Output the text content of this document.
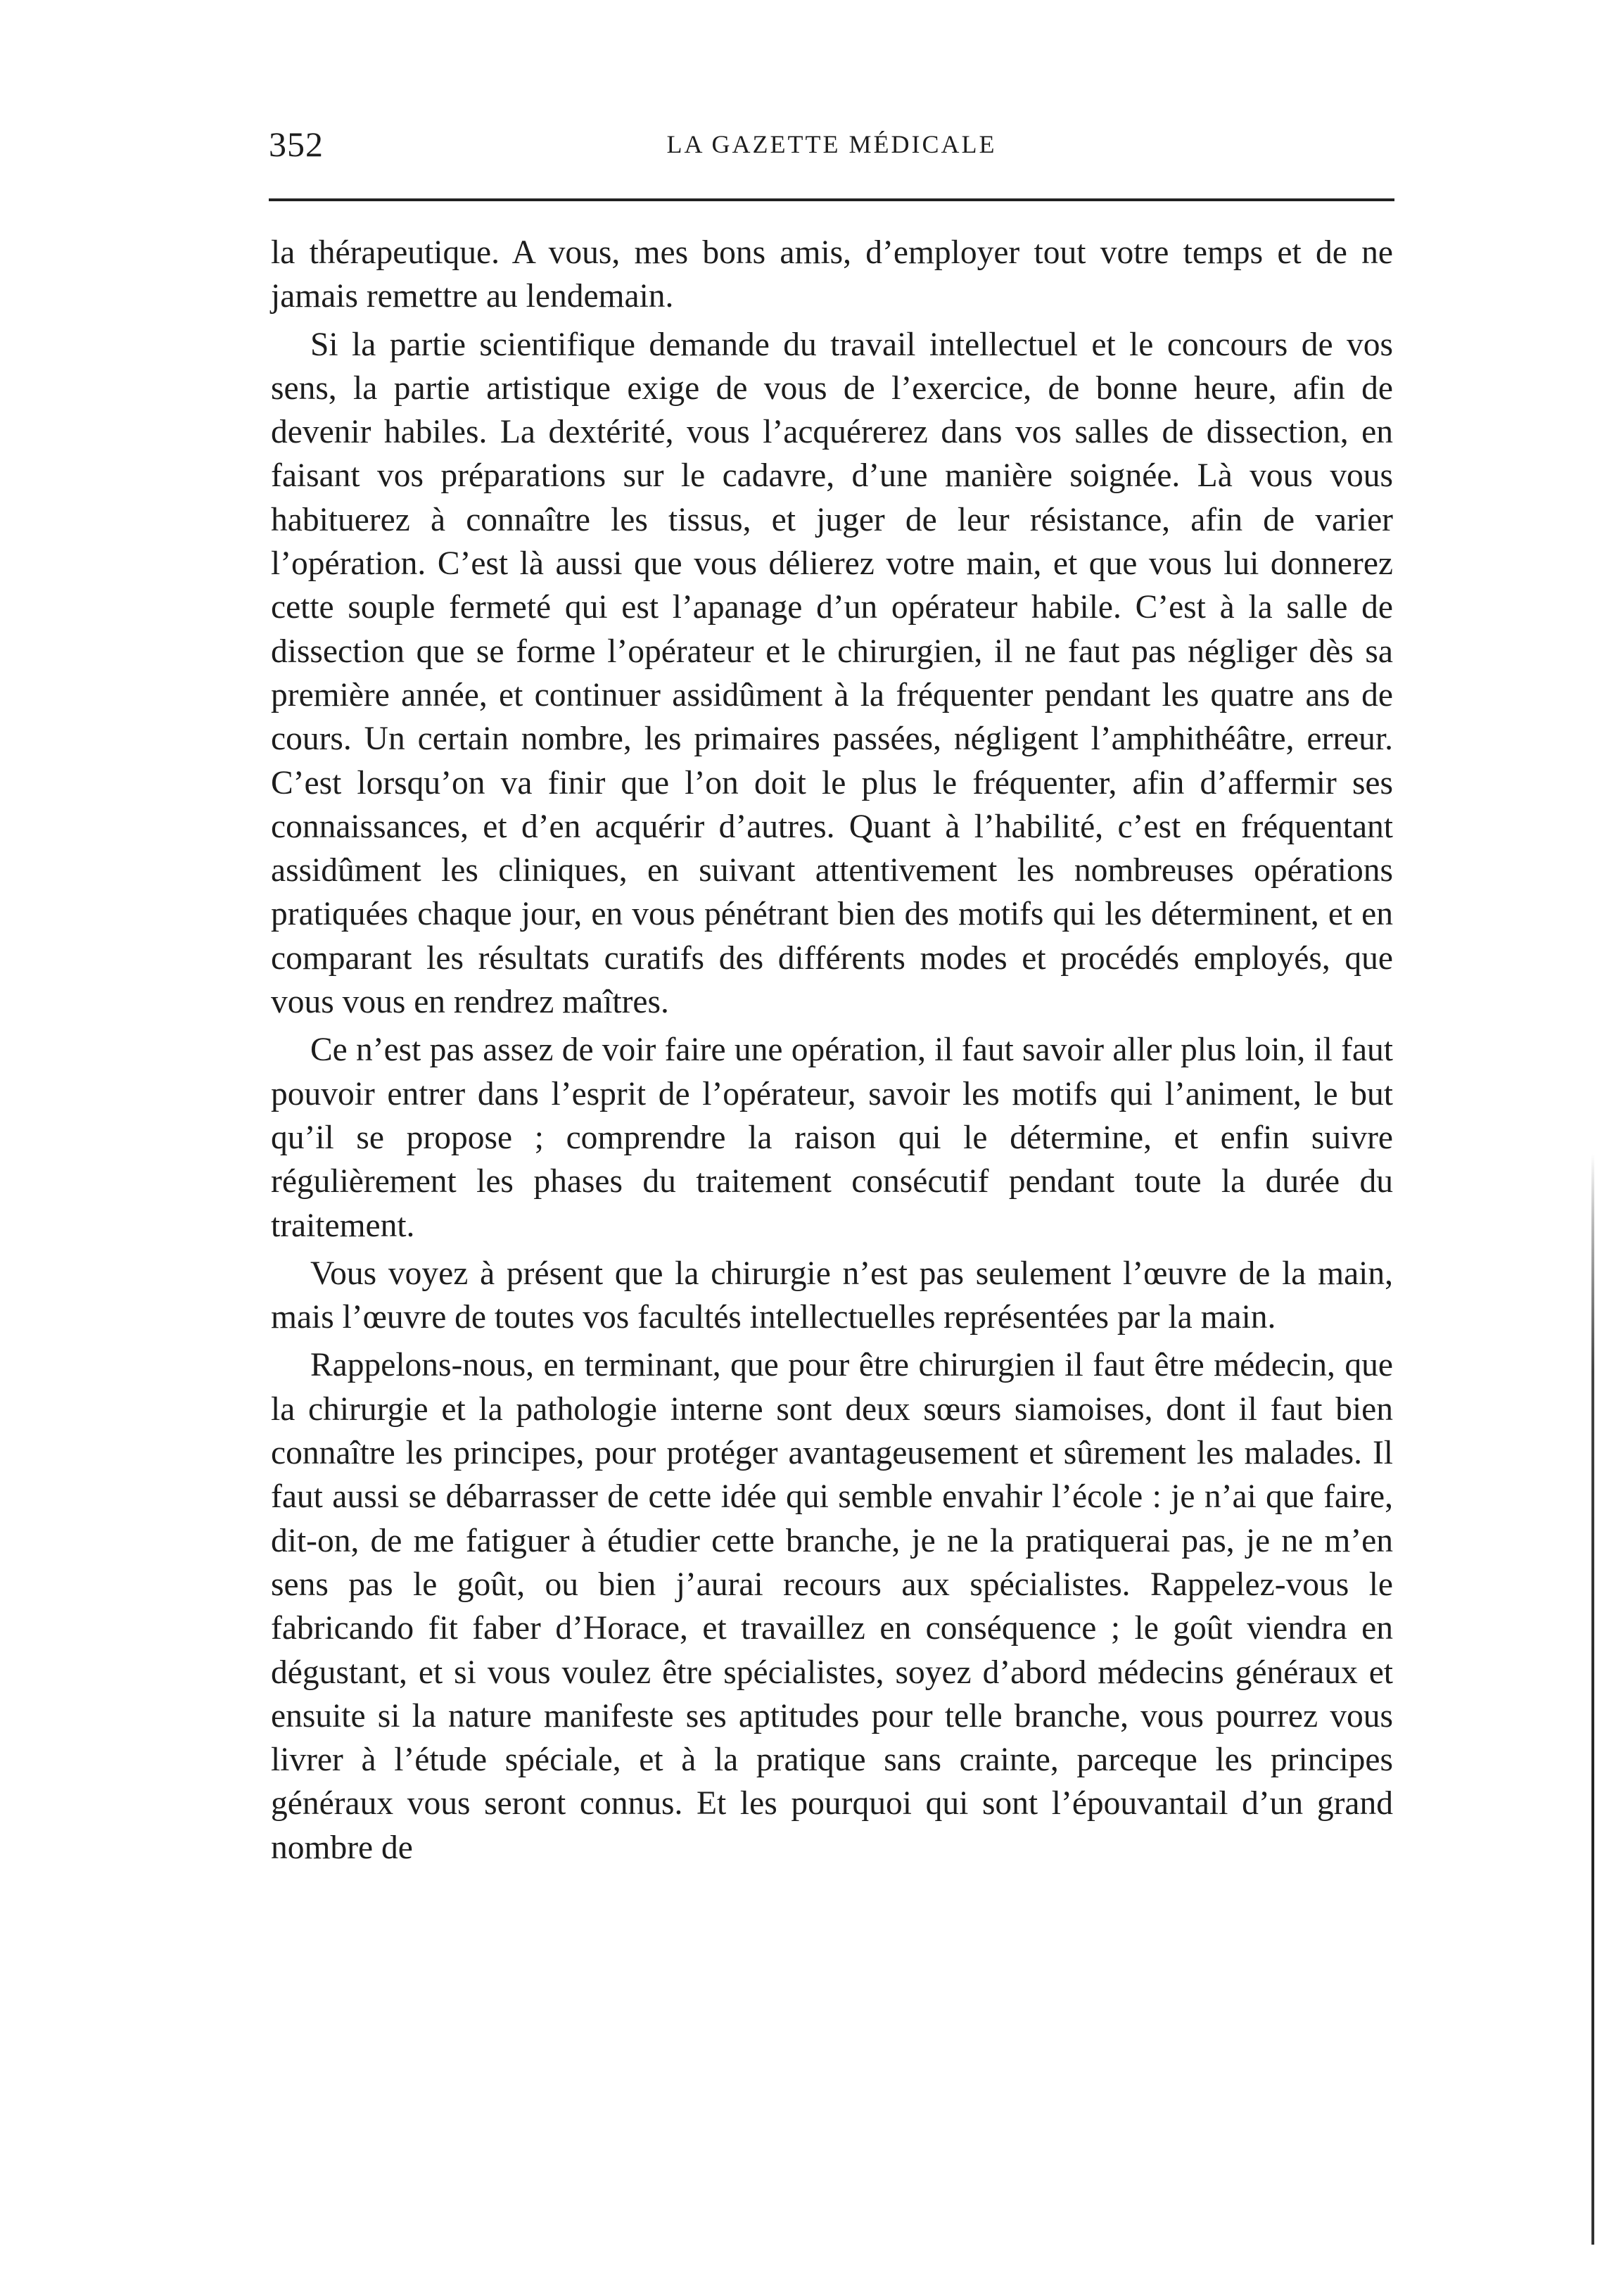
352	LA GAZETTE MÉDICALE

la thérapeutique. A vous, mes bons amis, d’employer tout votre temps et de ne jamais remettre au lendemain.

Si la partie scientifique demande du travail intellectuel et le concours de vos sens, la partie artistique exige de vous de l’exercice, de bonne heure, afin de devenir habiles. La dextérité, vous l’acquérerez dans vos salles de dissection, en faisant vos préparations sur le cadavre, d’une manière soignée. Là vous vous habituerez à connaître les tissus, et juger de leur résistance, afin de varier l’opération. C’est là aussi que vous délierez votre main, et que vous lui donnerez cette souple fermeté qui est l’apanage d’un opérateur habile. C’est à la salle de dissection que se forme l’opérateur et le chirurgien, il ne faut pas négliger dès sa première année, et continuer assidûment à la fréquenter pendant les quatre ans de cours. Un certain nombre, les primaires passées, négligent l’amphithéâtre, erreur. C’est lorsqu’on va finir que l’on doit le plus le fréquenter, afin d’affermir ses connaissances, et d’en acquérir d’autres. Quant à l’habilité, c’est en fréquentant assidûment les cliniques, en suivant attentivement les nombreuses opérations pratiquées chaque jour, en vous pénétrant bien des motifs qui les déterminent, et en comparant les résultats curatifs des différents modes et procédés employés, que vous vous en rendrez maîtres.

Ce n’est pas assez de voir faire une opération, il faut savoir aller plus loin, il faut pouvoir entrer dans l’esprit de l’opérateur, savoir les motifs qui l’animent, le but qu’il se propose ; comprendre la raison qui le détermine, et enfin suivre régulièrement les phases du traitement consécutif pendant toute la durée du traitement.

Vous voyez à présent que la chirurgie n’est pas seulement l’œuvre de la main, mais l’œuvre de toutes vos facultés intellectuelles représentées par la main.

Rappelons-nous, en terminant, que pour être chirurgien il faut être médecin, que la chirurgie et la pathologie interne sont deux sœurs siamoises, dont il faut bien connaître les principes, pour protéger avantageusement et sûrement les malades. Il faut aussi se débarrasser de cette idée qui semble envahir l’école : je n’ai que faire, dit-on, de me fatiguer à étudier cette branche, je ne la pratiquerai pas, je ne m’en sens pas le goût, ou bien j’aurai recours aux spécialistes. Rappelez-vous le fabricando fit faber d’Horace, et travaillez en conséquence ; le goût viendra en dégustant, et si vous voulez être spécialistes, soyez d’abord médecins généraux et ensuite si la nature manifeste ses aptitudes pour telle branche, vous pourrez vous livrer à l’étude spéciale, et à la pratique sans crainte, parceque les principes généraux vous seront connus. Et les pourquoi qui sont l’épouvantail d’un grand nombre de
